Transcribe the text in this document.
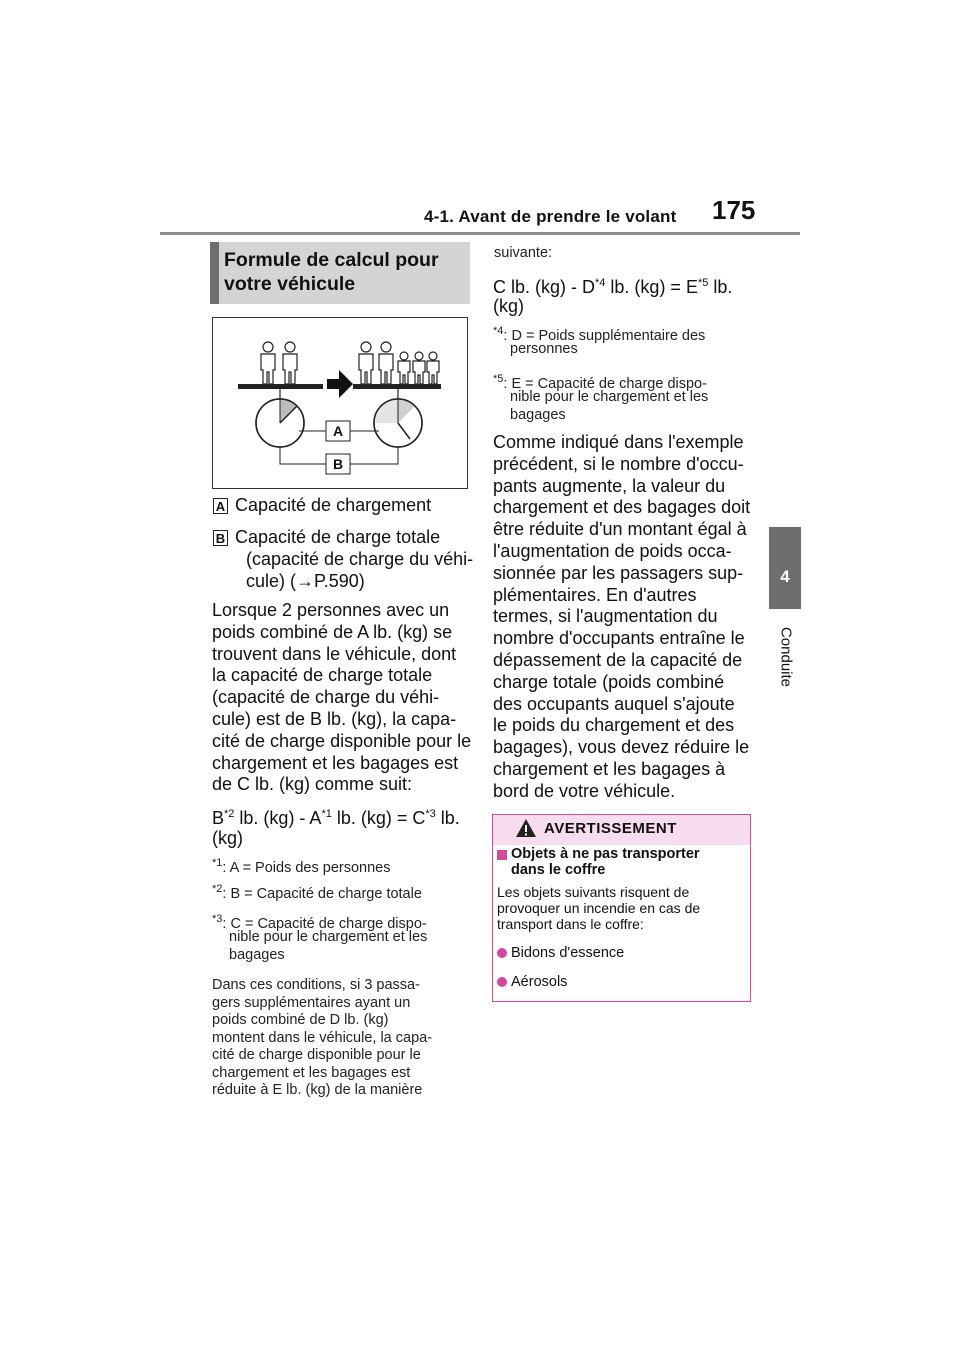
4-1. Avant de prendre le volant 175
4
Conduite
Formule de calcul pour
votre véhicule
A
B
A Capacité de chargement
B Capacité de charge totale
(capacité de charge du véhi-
cule) (→P.590)
Lorsque 2 personnes avec un
poids combiné de A lb. (kg) se
trouvent dans le véhicule, dont
la capacité de charge totale
(capacité de charge du véhi-
cule) est de B lb. (kg), la capa-
cité de charge disponible pour le
chargement et les bagages est
de C lb. (kg) comme suit:
$B^{*2}$ lb. $(kg) - A^{*1}$ lb. $(kg) = C^{*3}$ lb.
(kg)
$^{*1}$: A = Poids des personnes
$^{*2}$: B = Capacité de charge totale
$^{*3}$: C = Capacité de charge dispo-
nible pour le chargement et les
bagages
Dans ces conditions, si 3 passa-
gers supplémentaires ayant un
poids combiné de D lb. (kg)
montent dans le véhicule, la capa-
cité de charge disponible pour le
chargement et les bagages est
réduite à E lb. (kg) de la manière
suivante:
C lb. $(kg) - D^{*4}$ lb. $(kg) = E^{*5}$ lb.
(kg)
$^{*4}$: D = Poids supplémentaire des
personnes
$^{*5}$: E = Capacité de charge dispo-
nible pour le chargement et les
bagages
Comme indiqué dans l'exemple
précédent, si le nombre d'occu-
pants augmente, la valeur du
chargement et des bagages doit
être réduite d'un montant égal à
l'augmentation de poids occa-
sionnée par les passagers sup-
plémentaires. En d'autres
termes, si l'augmentation du
nombre d'occupants entraîne le
dépassement de la capacité de
charge totale (poids combiné
des occupants auquel s'ajoute
le poids du chargement et des
bagages), vous devez réduire le
chargement et les bagages à
bord de votre véhicule.
AVERTISSEMENT
Objets à ne pas transporter
dans le coffre
Les objets suivants risquent de
provoquer un incendie en cas de
transport dans le coffre:
Bidons d'essence
Aérosols
